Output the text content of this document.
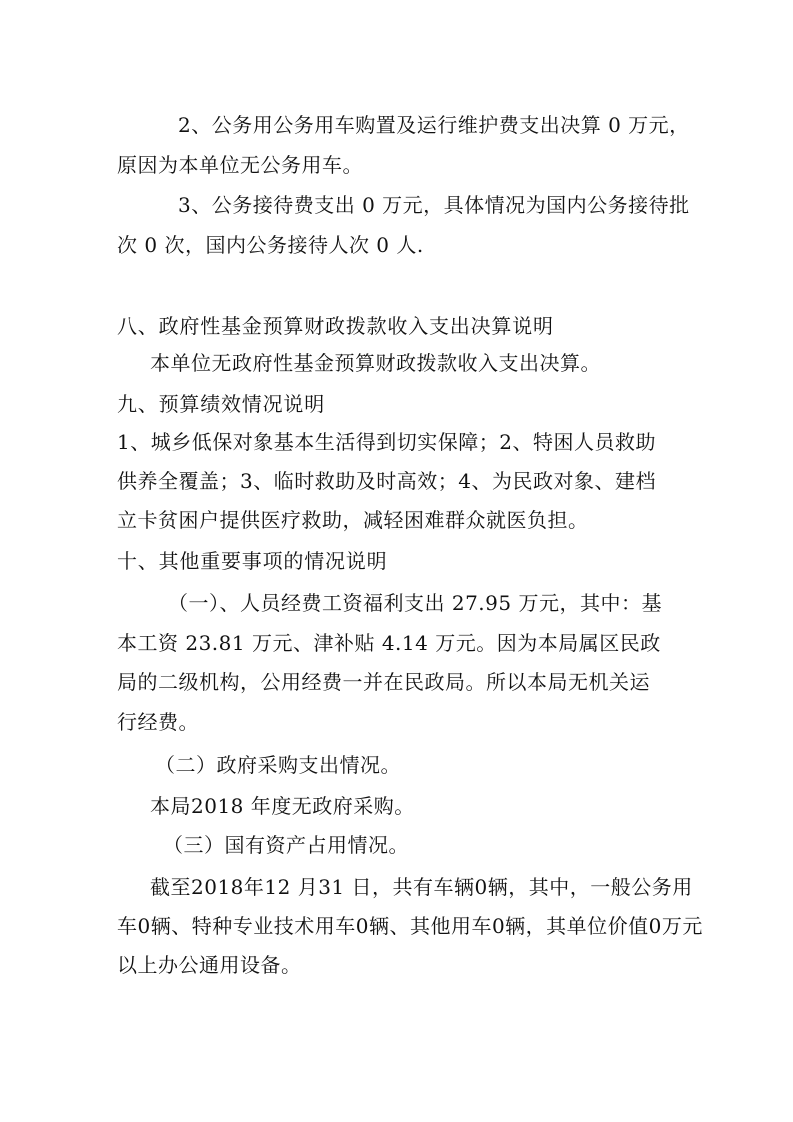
2、公务用公务用车购置及运行维护费支出决算 0 万元，
原因为本单位无公务用车。
3、公务接待费支出 0 万元，具体情况为国内公务接待批
次 0 次，国内公务接待人次 0 人.
八、政府性基金预算财政拨款收入支出决算说明
本单位无政府性基金预算财政拨款收入支出决算。
九、预算绩效情况说明
1、城乡低保对象基本生活得到切实保障；2、特困人员救助
供养全覆盖；3、临时救助及时高效；4、为民政对象、建档
立卡贫困户提供医疗救助，减轻困难群众就医负担。
十、其他重要事项的情况说明
（一）、人员经费工资福利支出 27.95 万元，其中：基
本工资 23.81 万元、津补贴 4.14 万元。因为本局属区民政
局的二级机构，公用经费一并在民政局。所以本局无机关运
行经费。
（二）政府采购支出情况。
本局2018 年度无政府采购。
（三）国有资产占用情况。
截至2018年12 月31 日，共有车辆0辆，其中，一般公务用
车0辆、特种专业技术用车0辆、其他用车0辆，其单位价值0万元
以上办公通用设备。
